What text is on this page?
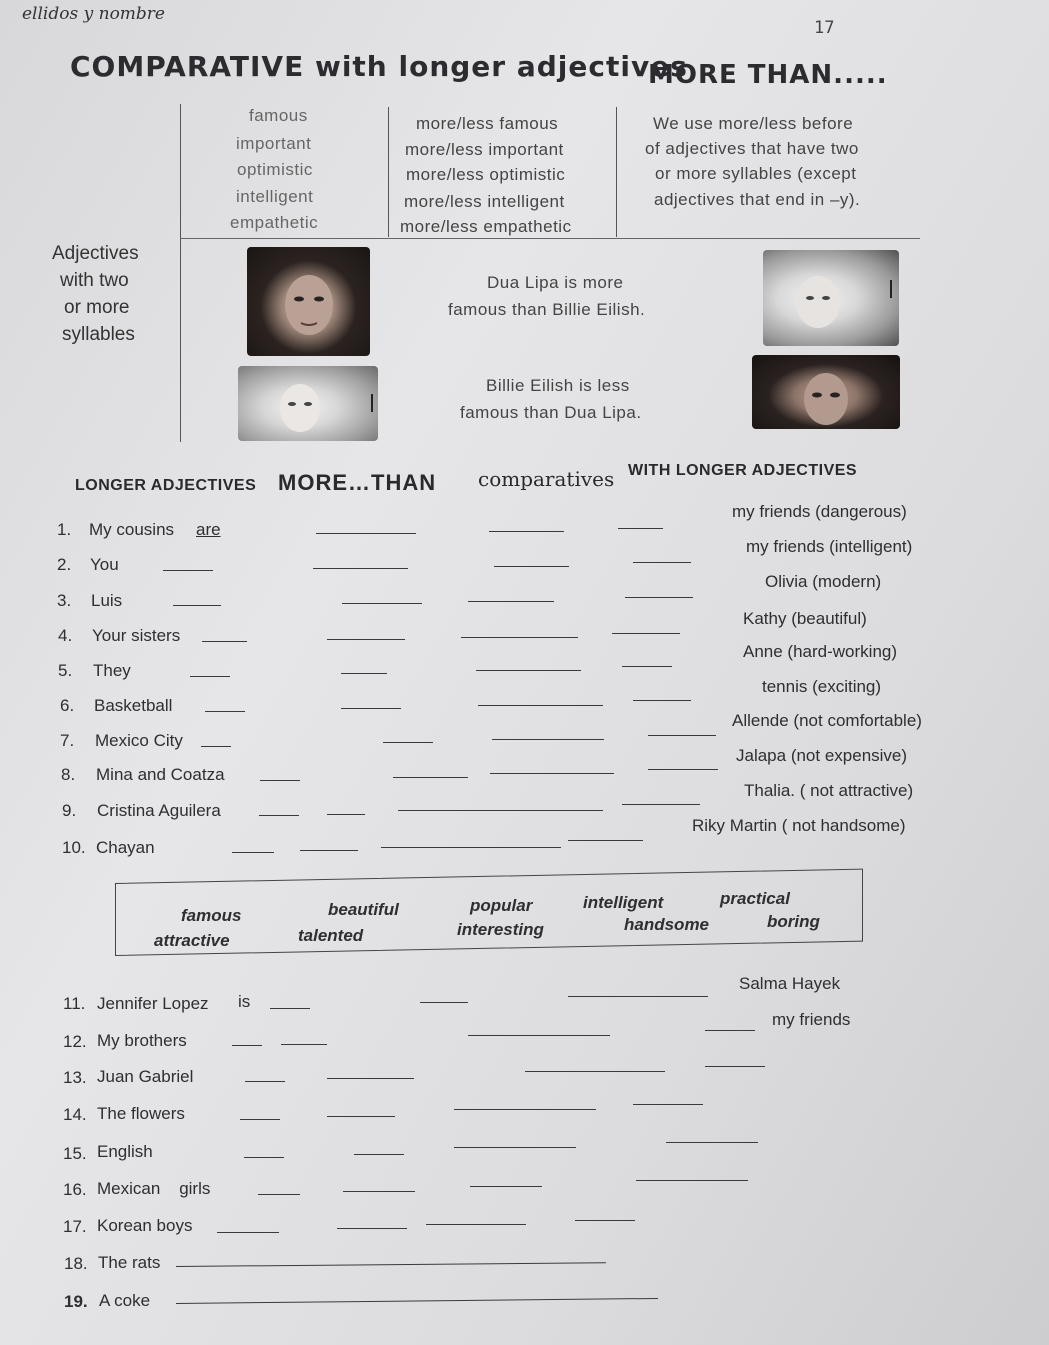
ellidos y nombre
17
COMPARATIVE with longer adjectives
MORE THAN.....
famous
important
optimistic
intelligent
empathetic
more/less famous
more/less important
more/less optimistic
more/less intelligent
more/less empathetic
We use more/less before
of adjectives that have two
or more syllables (except
adjectives that end in –y).
Adjectives
with two
or more
syllables
Dua Lipa is more
famous than Billie Eilish.
Billie Eilish is less
famous than Dua Lipa.
LONGER ADJECTIVES MORE…THAN comparatives WITH LONGER ADJECTIVES
1. My cousins are
my friends (dangerous)
2. You
my friends (intelligent)
3. Luis
Olivia (modern)
4. Your sisters
Kathy (beautiful)
5. They
Anne (hard-working)
6. Basketball
tennis (exciting)
7. Mexico City
Allende (not comfortable)
8. Mina and Coatza
Jalapa (not expensive)
9. Cristina Aguilera
Thalia. ( not attractive)
10. Chayan
Riky Martin ( not handsome)
famous	beautiful	popular	intelligent	practical
attractive	talented	interesting	handsome	boring
11. Jennifer Lopez is
Salma Hayek
12. My brothers
my friends
13. Juan Gabriel
14. The flowers
15. English
16. Mexican    girls
17. Korean boys
18. The rats
19. A coke
